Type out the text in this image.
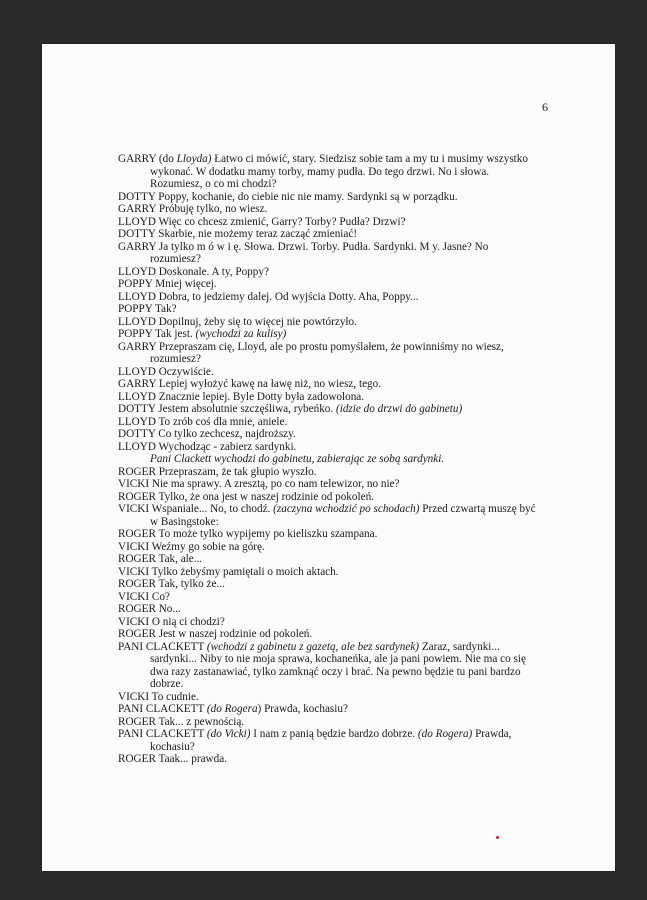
6
GARRY (do Lloyda) Łatwo ci mówić, stary. Siedzisz sobie tam a my tu i musimy wszystko
wykonać. W dodatku mamy torby, mamy pudła. Do tego drzwi. No i słowa.
Rozumiesz, o co mi chodzi?
DOTTY Poppy, kochanie, do ciebie nic nie mamy. Sardynki są w porządku.
GARRY Próbuję tylko, no wiesz.
LLOYD Więc co chcesz zmienić, Garry? Torby? Pudła? Drzwi?
DOTTY Skarbie, nie możemy teraz zacząć zmieniać!
GARRY Ja tylko m ó w i ę. Słowa. Drzwi. Torby. Pudła. Sardynki. M y. Jasne? No
rozumiesz?
LLOYD Doskonale. A ty, Poppy?
POPPY Mniej więcej.
LLOYD Dobra, to jedziemy dalej. Od wyjścia Dotty. Aha, Poppy...
POPPY Tak?
LLOYD Dopilnuj, żeby się to więcej nie powtórzyło.
POPPY Tak jest. (wychodzi za kulisy)
GARRY Przepraszam cię, Lloyd, ale po prostu pomyślałem, że powinniśmy no wiesz,
rozumiesz?
LLOYD Oczywiście.
GARRY Lepiej wyłożyć kawę na ławę niż, no wiesz, tego.
LLOYD Znacznie lepiej. Byle Dotty była zadowolona.
DOTTY Jestem absolutnie szczęśliwa, rybeńko. (idzie do drzwi do gabinetu)
LLOYD To zrób coś dla mnie, aniele.
DOTTY Co tylko zechcesz, najdroższy.
LLOYD Wychodząc - zabierz sardynki.
Pani Clackett wychodzi do gabinetu, zabierając ze sobą sardynki.
ROGER Przepraszam, że tak głupio wyszło.
VICKI Nie ma sprawy. A zresztą, po co nam telewizor, no nie?
ROGER Tylko, że ona jest w naszej rodzinie od pokoleń.
VICKI Wspaniale... No, to chodź. (zaczyna wchodzić po schodach) Przed czwartą muszę być
w Basingstoke:
ROGER To może tylko wypijemy po kieliszku szampana.
VICKI Weźmy go sobie na górę.
ROGER Tak, ale...
VICKI Tylko żebyśmy pamiętali o moich aktach.
ROGER Tak, tylko że...
VICKI Co?
ROGER No...
VICKI O nią ci chodzi?
ROGER Jest w naszej rodzinie od pokoleń.
PANI CLACKETT (wchodzi z gabinetu z gazetą, ale bez sardynek) Zaraz, sardynki...
sardynki... Niby to nie moja sprawa, kochaneńka, ale ja pani powiem. Nie ma co się
dwa razy zastanawiać, tylko zamknąć oczy i brać. Na pewno będzie tu pani bardzo
dobrze.
VICKI To cudnie.
PANI CLACKETT (do Rogera) Prawda, kochasiu?
ROGER Tak... z pewnością.
PANI CLACKETT (do Vicki) I nam z panią będzie bardzo dobrze. (do Rogera) Prawda,
kochasiu?
ROGER Taak... prawda.
